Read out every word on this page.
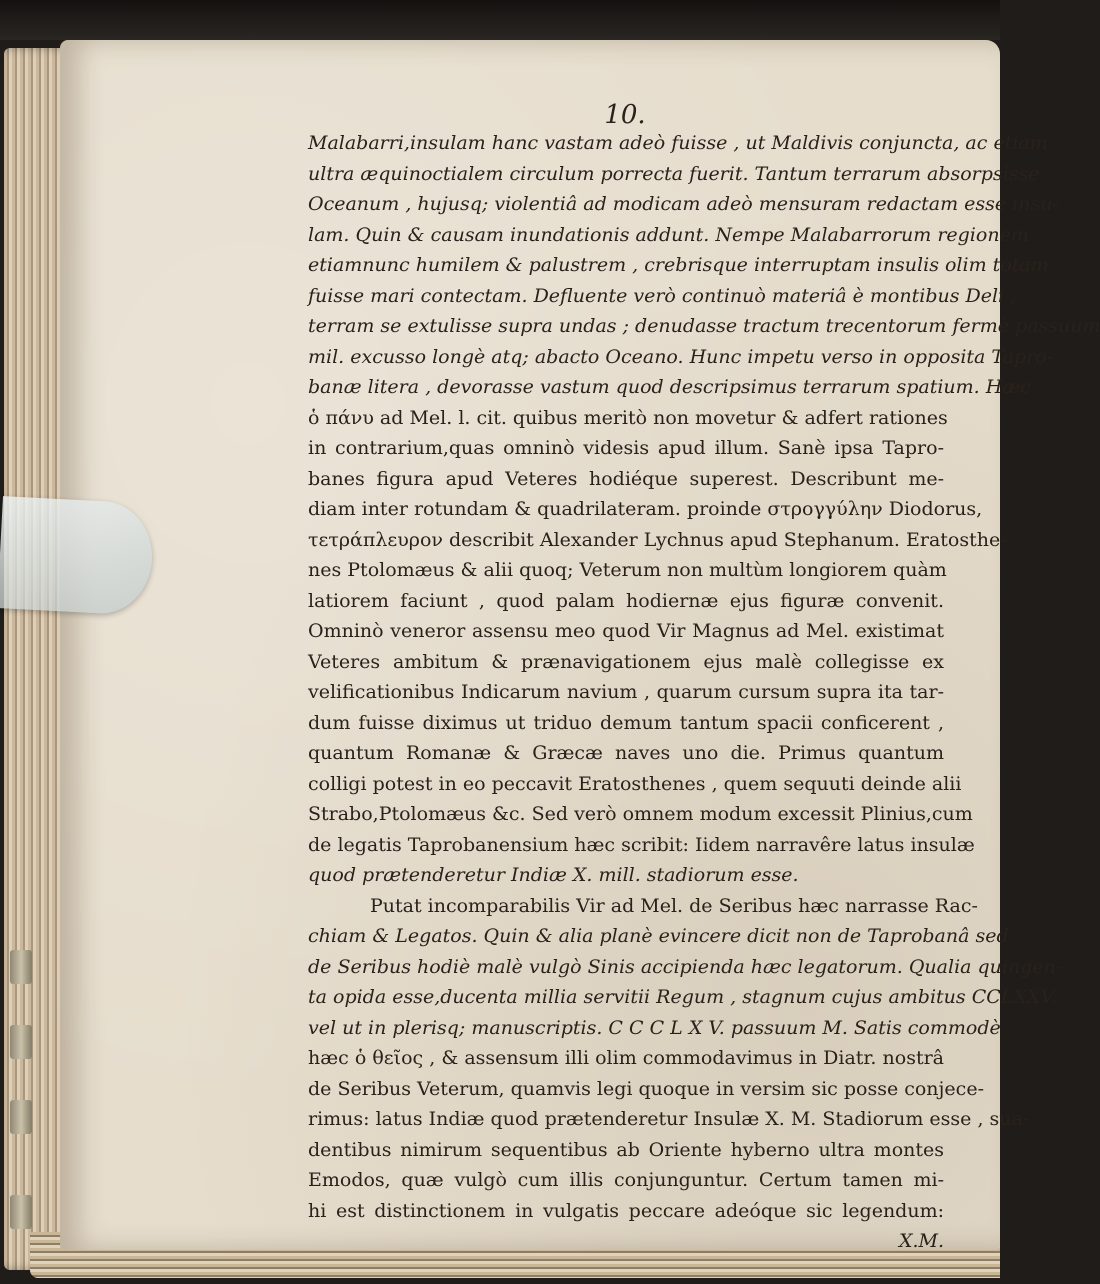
10.
Malabarri,insulam hanc vastam adeò fuisse , ut Maldivis conjuncta, ac etiam
ultra æquinoctialem circulum porrecta fuerit. Tantum terrarum absorpsisse
Oceanum , hujusq; violentiâ ad modicam adeò mensuram redactam esse insu-
lam. Quin & causam inundationis addunt. Nempe Malabarrorum regionem
etiamnunc humilem & palustrem , crebrisque interruptam insulis olim totam
fuisse mari contectam. Defluente verò continuò materiâ è montibus Deli ,
terram se extulisse supra undas ; denudasse tractum trecentorum fermè passuum
mil. excusso longè atq; abacto Oceano. Hunc impetu verso in opposita Tapro-
banæ litera , devorasse vastum quod descripsimus terrarum spatium. Hæc
ὁ πάνυ ad Mel. l. cit. quibus meritò non movetur & adfert rationes
in contrarium,quas omninò videsis apud illum. Sanè ipsa Tapro-
banes figura apud Veteres hodiéque superest. Describunt me-
diam inter rotundam & quadrilateram. proinde στρογγύλην Diodorus,
τετράπλευρον describit Alexander Lychnus apud Stephanum. Eratosthe-
nes Ptolomæus & alii quoq; Veterum non multùm longiorem quàm
latiorem faciunt , quod palam hodiernæ ejus figuræ convenit.
Omninò veneror assensu meo quod Vir Magnus ad Mel. existimat
Veteres ambitum & prænavigationem ejus malè collegisse ex
velificationibus Indicarum navium , quarum cursum supra ita tar-
dum fuisse diximus ut triduo demum tantum spacii conficerent ,
quantum Romanæ & Græcæ naves uno die. Primus quantum
colligi potest in eo peccavit Eratosthenes , quem sequuti deinde alii
Strabo,Ptolomæus &c. Sed verò omnem modum excessit Plinius,cum
de legatis Taprobanensium hæc scribit: Iidem narravêre latus insulæ
quod prætenderetur Indiæ X. mill. stadiorum esse.
Putat incomparabilis Vir ad Mel. de Seribus hæc narrasse Rac-
chiam & Legatos. Quin & alia planè evincere dicit non de Taprobanâ sed
de Seribus hodiè malè vulgò Sinis accipienda hæc legatorum. Qualia quingen-
ta opida esse,ducenta millia servitii Regum , stagnum cujus ambitus CCLXXV.
vel ut in plerisq; manuscriptis. C C C L X V. passuum M. Satis commodè
hæc ὁ θεῖος , & assensum illi olim commodavimus in Diatr. nostrâ
de Seribus Veterum, quamvis legi quoque in versim sic posse conjece-
rimus: latus Indiæ quod prætenderetur Insulæ X. M. Stadiorum esse , sua-
dentibus nimirum sequentibus ab Oriente hyberno ultra montes
Emodos, quæ vulgò cum illis conjunguntur. Certum tamen mi-
hi est distinctionem in vulgatis peccare adeóque sic legendum:
X.M.
